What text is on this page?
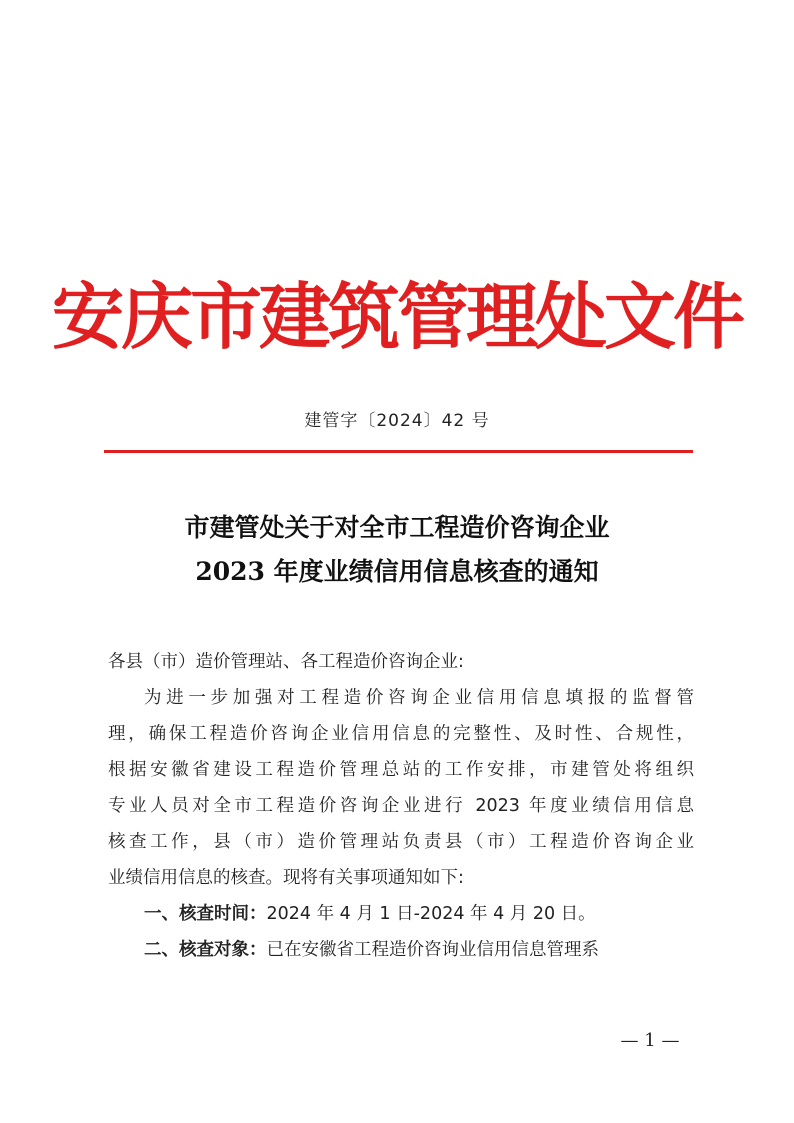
安庆市建筑管理处文件
建管字〔2024〕42 号
市建管处关于对全市工程造价咨询企业
2023 年度业绩信用信息核查的通知
各县（市）造价管理站、各工程造价咨询企业:
为进一步加强对工程造价咨询企业信用信息填报的监督管
理，确保工程造价咨询企业信用信息的完整性、及时性、合规性，
根据安徽省建设工程造价管理总站的工作安排，市建管处将组织
专业人员对全市工程造价咨询企业进行 2023 年度业绩信用信息
核查工作，县（市）造价管理站负责县（市）工程造价咨询企业
业绩信用信息的核查。现将有关事项通知如下:
一、核查时间：2024 年 4 月 1 日-2024 年 4 月 20 日。
二、核查对象：已在安徽省工程造价咨询业信用信息管理系
— 1 —
